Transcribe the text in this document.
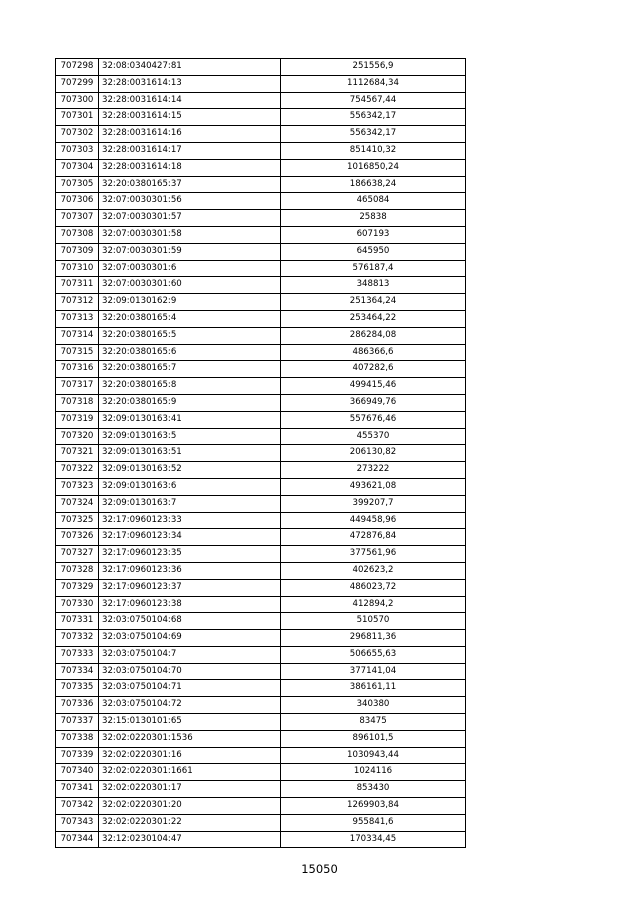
707298	32:08:0340427:81	251556,9
707299	32:28:0031614:13	1112684,34
707300	32:28:0031614:14	754567,44
707301	32:28:0031614:15	556342,17
707302	32:28:0031614:16	556342,17
707303	32:28:0031614:17	851410,32
707304	32:28:0031614:18	1016850,24
707305	32:20:0380165:37	186638,24
707306	32:07:0030301:56	465084
707307	32:07:0030301:57	25838
707308	32:07:0030301:58	607193
707309	32:07:0030301:59	645950
707310	32:07:0030301:6	576187,4
707311	32:07:0030301:60	348813
707312	32:09:0130162:9	251364,24
707313	32:20:0380165:4	253464,22
707314	32:20:0380165:5	286284,08
707315	32:20:0380165:6	486366,6
707316	32:20:0380165:7	407282,6
707317	32:20:0380165:8	499415,46
707318	32:20:0380165:9	366949,76
707319	32:09:0130163:41	557676,46
707320	32:09:0130163:5	455370
707321	32:09:0130163:51	206130,82
707322	32:09:0130163:52	273222
707323	32:09:0130163:6	493621,08
707324	32:09:0130163:7	399207,7
707325	32:17:0960123:33	449458,96
707326	32:17:0960123:34	472876,84
707327	32:17:0960123:35	377561,96
707328	32:17:0960123:36	402623,2
707329	32:17:0960123:37	486023,72
707330	32:17:0960123:38	412894,2
707331	32:03:0750104:68	510570
707332	32:03:0750104:69	296811,36
707333	32:03:0750104:7	506655,63
707334	32:03:0750104:70	377141,04
707335	32:03:0750104:71	386161,11
707336	32:03:0750104:72	340380
707337	32:15:0130101:65	83475
707338	32:02:0220301:1536	896101,5
707339	32:02:0220301:16	1030943,44
707340	32:02:0220301:1661	1024116
707341	32:02:0220301:17	853430
707342	32:02:0220301:20	1269903,84
707343	32:02:0220301:22	955841,6
707344	32:12:0230104:47	170334,45
15050
